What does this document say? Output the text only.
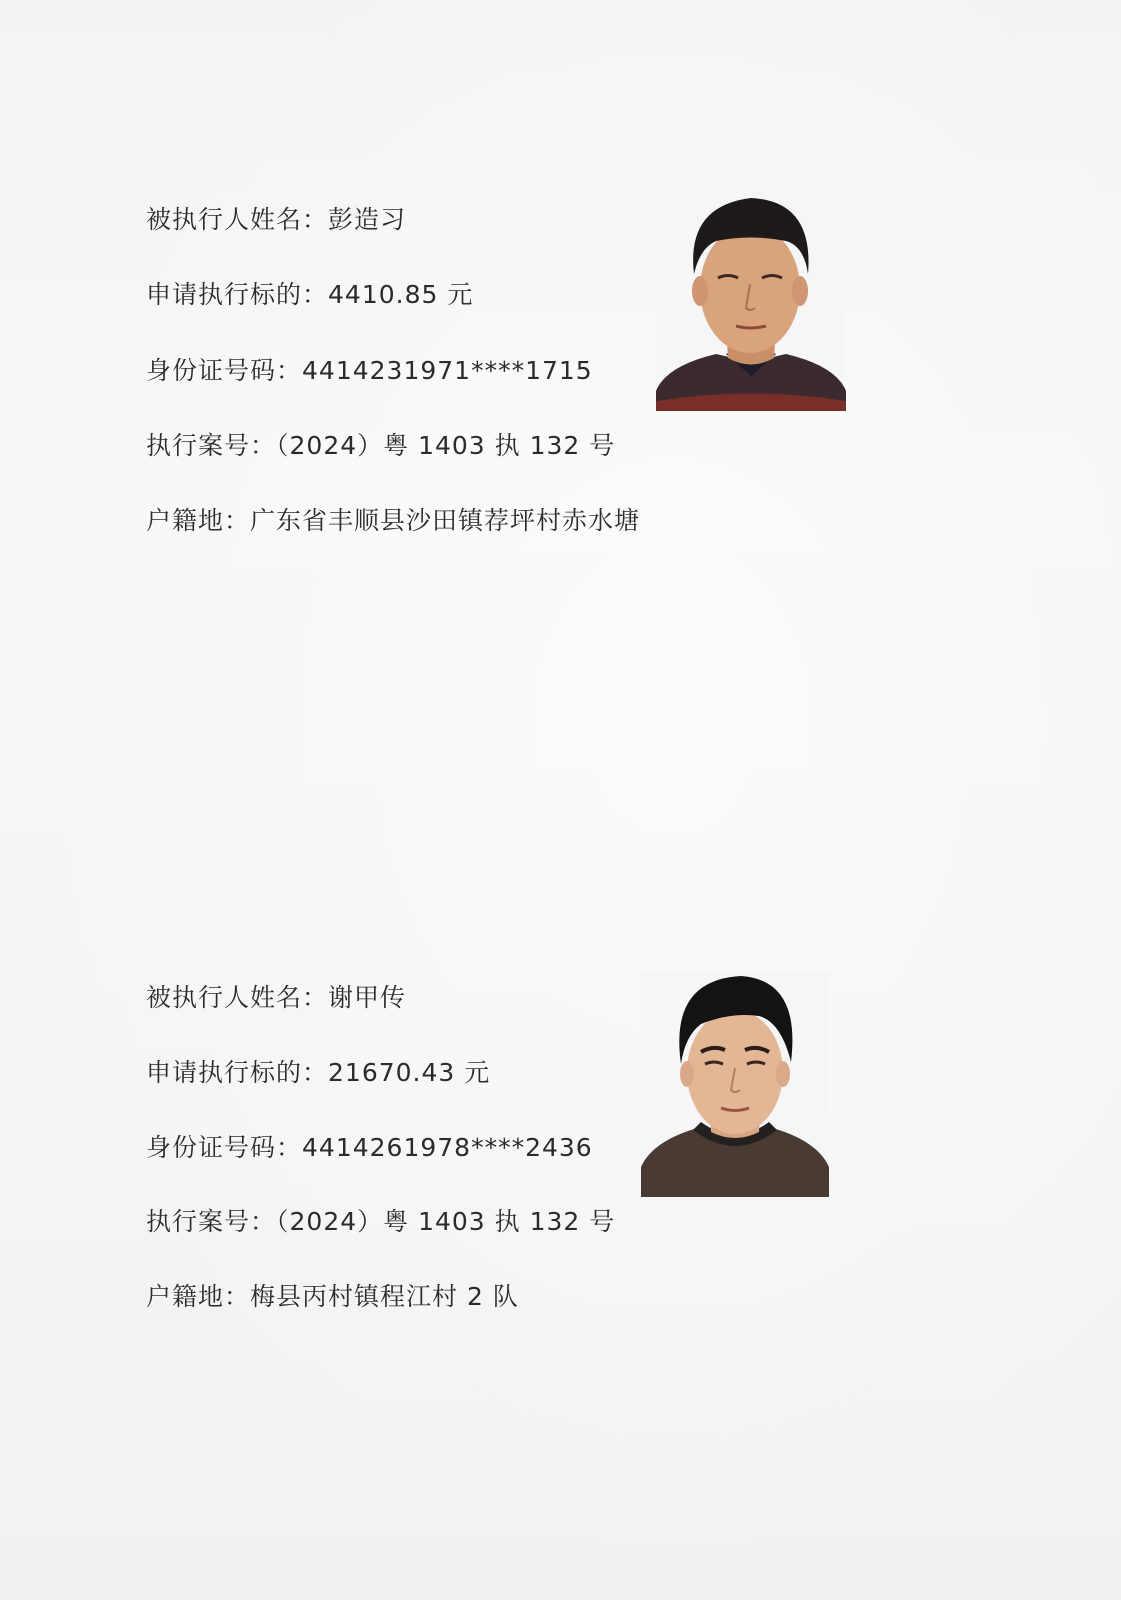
被执行人姓名：彭造习

申请执行标的：4410.85 元

身份证号码：4414231971****1715

执行案号：（2024）粤 1403 执 132 号

户籍地：广东省丰顺县沙田镇荐坪村赤水塘

被执行人姓名：谢甲传

申请执行标的：21670.43 元

身份证号码：4414261978****2436

执行案号：（2024）粤 1403 执 132 号

户籍地：梅县丙村镇程江村 2 队
